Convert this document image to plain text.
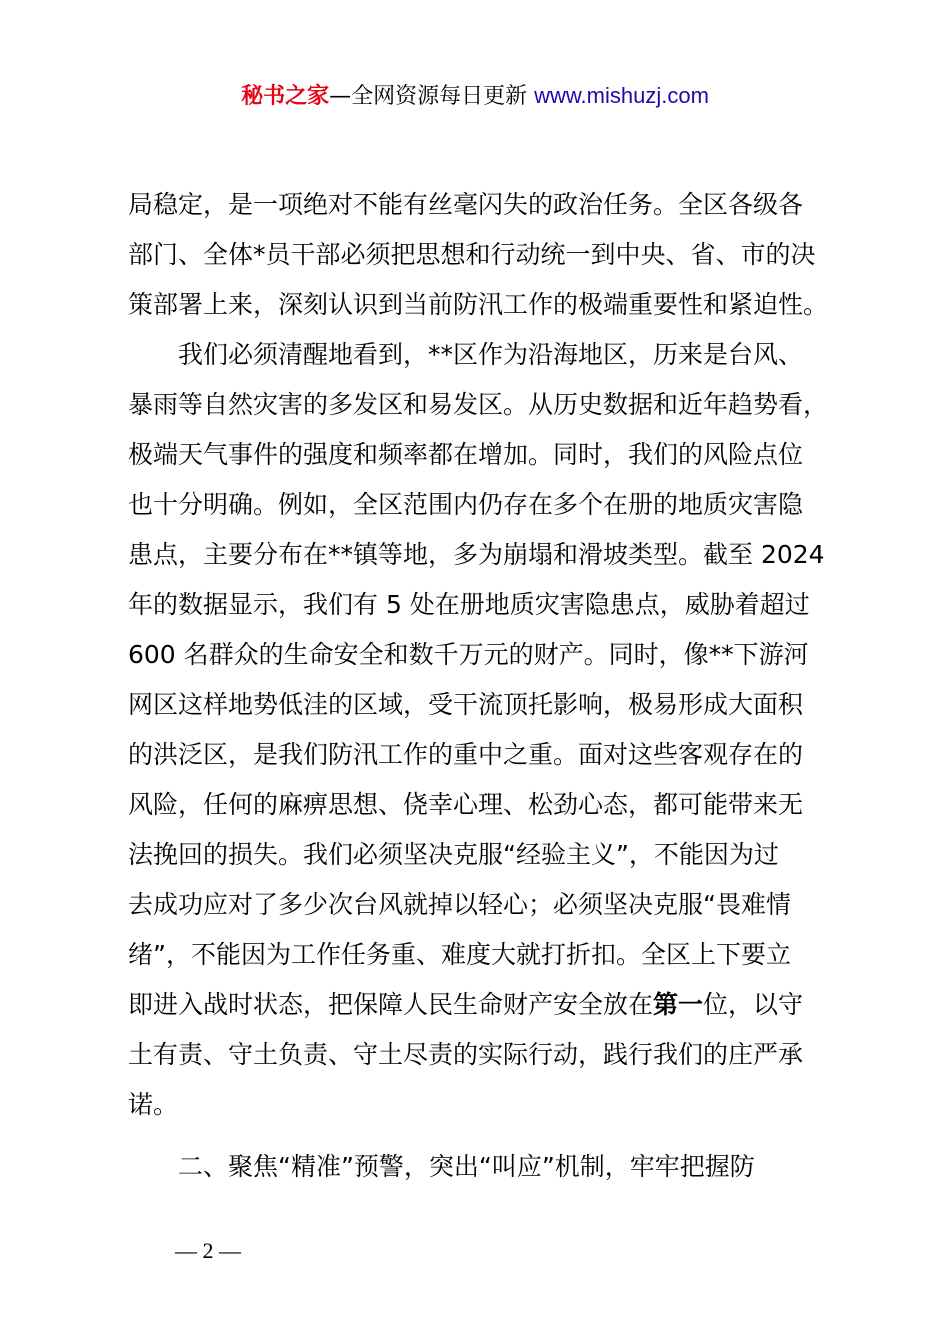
秘书之家—全网资源每日更新 www.mishuzj.com
局稳定，是一项绝对不能有丝毫闪失的政治任务。全区各级各
部门、全体*员干部必须把思想和行动统一到中央、省、市的决
策部署上来，深刻认识到当前防汛工作的极端重要性和紧迫性。
　　我们必须清醒地看到，**区作为沿海地区，历来是台风、
暴雨等自然灾害的多发区和易发区。从历史数据和近年趋势看，
极端天气事件的强度和频率都在增加。同时，我们的风险点位
也十分明确。例如，全区范围内仍存在多个在册的地质灾害隐
患点，主要分布在**镇等地，多为崩塌和滑坡类型。截至 2024
年的数据显示，我们有 5 处在册地质灾害隐患点，威胁着超过
600 名群众的生命安全和数千万元的财产。同时，像**下游河
网区这样地势低洼的区域，受干流顶托影响，极易形成大面积
的洪泛区，是我们防汛工作的重中之重。面对这些客观存在的
风险，任何的麻痹思想、侥幸心理、松劲心态，都可能带来无
法挽回的损失。我们必须坚决克服“经验主义”，不能因为过
去成功应对了多少次台风就掉以轻心；必须坚决克服“畏难情
绪”，不能因为工作任务重、难度大就打折扣。全区上下要立
即进入战时状态，把保障人民生命财产安全放在第一位，以守
土有责、守土负责、守土尽责的实际行动，践行我们的庄严承
诺。
　　二、聚焦“精准”预警，突出“叫应”机制，牢牢把握防
— 2 —
